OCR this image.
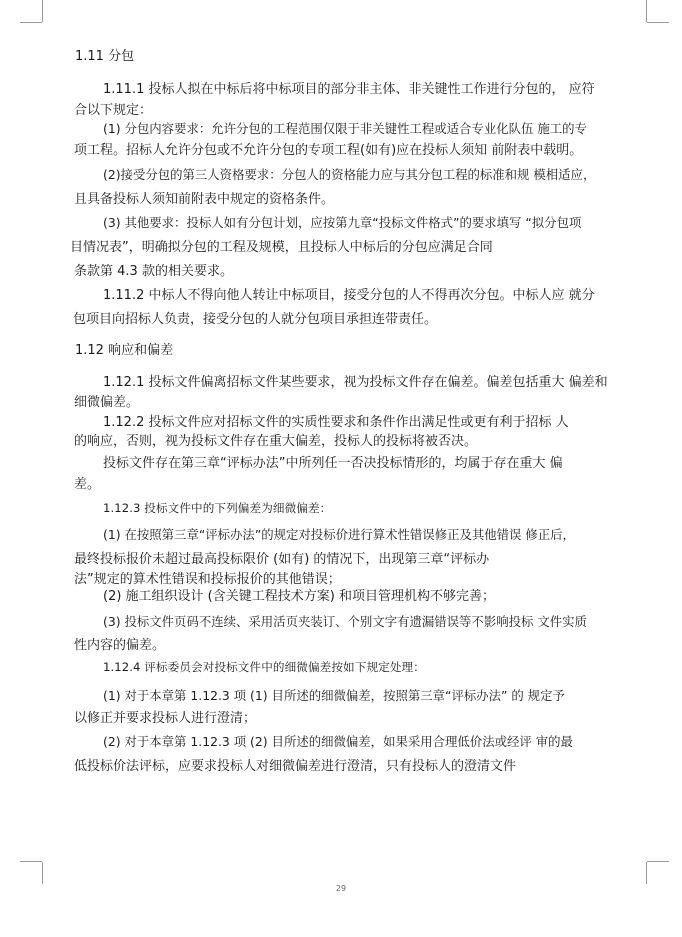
1.11 分包
1.11.1 投标人拟在中标后将中标项目的部分非主体、非关键性工作进行分包的， 应符
合以下规定：
(1) 分包内容要求：允许分包的工程范围仅限于非关键性工程或适合专业化队伍 施工的专
项工程。招标人允许分包或不允许分包的专项工程(如有)应在投标人须知 前附表中载明。
(2)接受分包的第三人资格要求：分包人的资格能力应与其分包工程的标准和规 模相适应，
且具备投标人须知前附表中规定的资格条件。
(3) 其他要求：投标人如有分包计划，应按第九章“投标文件格式”的要求填写 “拟分包项
目情况表”，明确拟分包的工程及规模，且投标人中标后的分包应满足合同
条款第 4.3 款的相关要求。
1.11.2 中标人不得向他人转让中标项目，接受分包的人不得再次分包。中标人应 就分
包项目向招标人负责，接受分包的人就分包项目承担连带责任。
1.12 响应和偏差
1.12.1 投标文件偏离招标文件某些要求，视为投标文件存在偏差。偏差包括重大 偏差和
细微偏差。
1.12.2 投标文件应对招标文件的实质性要求和条件作出满足性或更有利于招标 人
的响应，否则，视为投标文件存在重大偏差，投标人的投标将被否决。
投标文件存在第三章“评标办法”中所列任一否决投标情形的，均属于存在重大 偏
差。
1.12.3 投标文件中的下列偏差为细微偏差：
(1) 在按照第三章“评标办法”的规定对投标价进行算术性错误修正及其他错误 修正后，
最终投标报价未超过最高投标限价 (如有) 的情况下，出现第三章“评标办
法”规定的算术性错误和投标报价的其他错误；
(2) 施工组织设计 (含关键工程技术方案) 和项目管理机构不够完善；
(3) 投标文件页码不连续、采用活页夹装订、个别文字有遗漏错误等不影响投标 文件实质
性内容的偏差。
1.12.4 评标委员会对投标文件中的细微偏差按如下规定处理：
(1) 对于本章第 1.12.3 项 (1) 目所述的细微偏差，按照第三章“评标办法” 的 规定予
以修正并要求投标人进行澄清；
(2) 对于本章第 1.12.3 项 (2) 目所述的细微偏差，如果采用合理低价法或经评 审的最
低投标价法评标，应要求投标人对细微偏差进行澄清，只有投标人的澄清文件
29
